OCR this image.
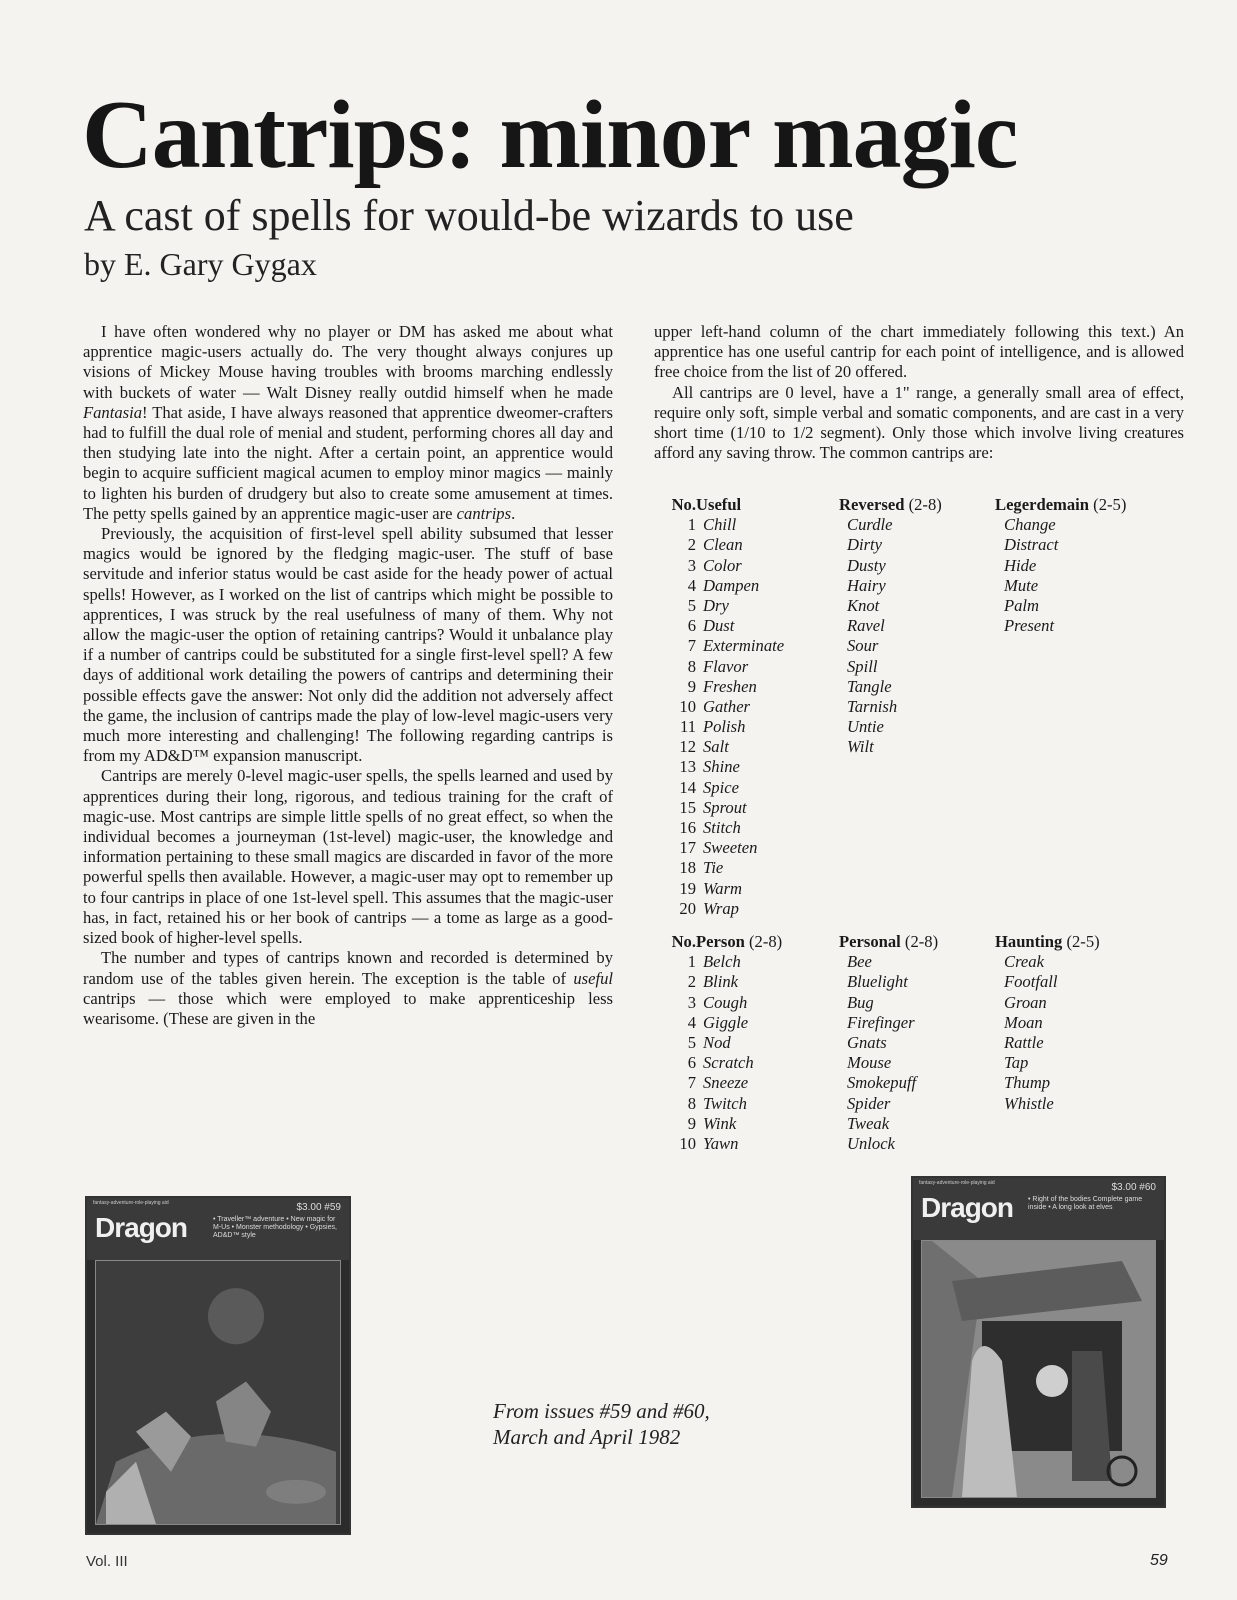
Cantrips: minor magic
A cast of spells for would-be wizards to use
by E. Gary Gygax

I have often wondered why no player or DM has asked me about what apprentice magic-users actually do. The very thought always conjures up visions of Mickey Mouse having troubles with brooms marching endlessly with buckets of water — Walt Disney really outdid himself when he made Fantasia! That aside, I have always reasoned that apprentice dweomer-crafters had to fulfill the dual role of menial and student, performing chores all day and then studying late into the night. After a certain point, an apprentice would begin to acquire sufficient magical acumen to employ minor magics — mainly to lighten his burden of drudgery but also to create some amusement at times. The petty spells gained by an apprentice magic-user are cantrips.

Previously, the acquisition of first-level spell ability subsumed that lesser magics would be ignored by the fledging magic-user. The stuff of base servitude and inferior status would be cast aside for the heady power of actual spells! However, as I worked on the list of cantrips which might be possible to apprentices, I was struck by the real usefulness of many of them. Why not allow the magic-user the option of retaining cantrips? Would it unbalance play if a number of cantrips could be substituted for a single first-level spell? A few days of additional work detailing the powers of cantrips and determining their possible effects gave the answer: Not only did the addition not adversely affect the game, the inclusion of cantrips made the play of low-level magic-users very much more interesting and challenging! The following regarding cantrips is from my AD&D™ expansion manuscript.

Cantrips are merely 0-level magic-user spells, the spells learned and used by apprentices during their long, rigorous, and tedious training for the craft of magic-use. Most cantrips are simple little spells of no great effect, so when the individual becomes a journeyman (1st-level) magic-user, the knowledge and information pertaining to these small magics are discarded in favor of the more powerful spells then available. However, a magic-user may opt to remember up to four cantrips in place of one 1st-level spell. This assumes that the magic-user has, in fact, retained his or her book of cantrips — a tome as large as a good-sized book of higher-level spells.

The number and types of cantrips known and recorded is determined by random use of the tables given herein. The exception is the table of useful cantrips — those which were employed to make apprenticeship less wearisome. (These are given in the

upper left-hand column of the chart immediately following this text.) An apprentice has one useful cantrip for each point of intelligence, and is allowed free choice from the list of 20 offered.

All cantrips are 0 level, have a 1" range, a generally small area of effect, require only soft, simple verbal and somatic components, and are cast in a very short time (1/10 to 1/2 segment). Only those which involve living creatures afford any saving throw. The common cantrips are:

No. Useful	Reversed (2-8)	Legerdemain (2-5)
1 Chill	Curdle	Change
2 Clean	Dirty	Distract
3 Color	Dusty	Hide
4 Dampen	Hairy	Mute
5 Dry	Knot	Palm
6 Dust	Ravel	Present
7 Exterminate	Sour
8 Flavor	Spill
9 Freshen	Tangle
10 Gather	Tarnish
11 Polish	Untie
12 Salt	Wilt
13 Shine
14 Spice
15 Sprout
16 Stitch
17 Sweeten
18 Tie
19 Warm
20 Wrap
No. Person (2-8)	Personal (2-8)	Haunting (2-5)
1 Belch	Bee	Creak
2 Blink	Bluelight	Footfall
3 Cough	Bug	Groan
4 Giggle	Firefinger	Moan
5 Nod	Gnats	Rattle
6 Scratch	Mouse	Tap
7 Sneeze	Smokepuff	Thump
8 Twitch	Spider	Whistle
9 Wink	Tweak
10 Yawn	Unlock
fantasy-adventure-role-playing aid
Dragon
$3.00 #59
• Traveller™ adventure • New magic for M-Us • Monster methodology • Gypsies, AD&D™ style
fantasy-adventure-role-playing aid
Dragon
$3.00 #60
• Right of the bodies Complete game inside • A long look at elves
From issues #59 and #60,
March and April 1982
Vol. III	59
